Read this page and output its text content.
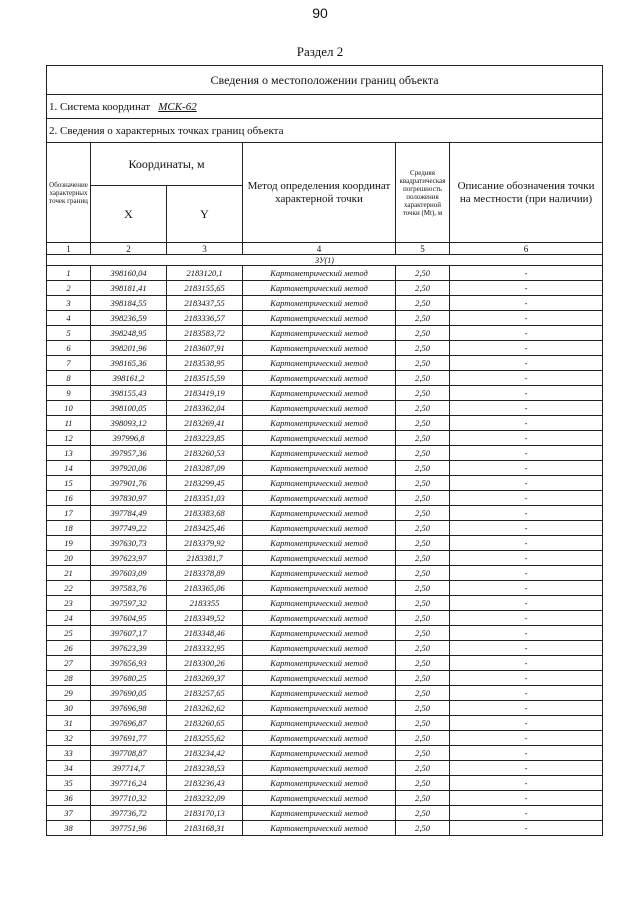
90
Раздел 2
Сведения о местоположении границ объекта					
1. Система координат МСК-62					
2. Сведения о характерных точках границ объекта					
Обозначение характерных точек границ	Координаты, м		Метод определения координат характерной точки	Средняя квадратическая погрешность положения характерной точки (Mt), м	Описание обозначения точки на местности (при наличии)
	X	Y			
1	2	3	4	5	6
3У(1)					
1	398160,04	2183120,1	Картометрический метод	2,50	-
2	398181,41	2183155,65	Картометрический метод	2,50	-
3	398184,55	2183437,55	Картометрический метод	2,50	-
4	398236,59	2183336,57	Картометрический метод	2,50	-
5	398248,95	2183583,72	Картометрический метод	2,50	-
6	398201,96	2183607,91	Картометрический метод	2,50	-
7	398165,36	2183538,95	Картометрический метод	2,50	-
8	398161,2	2183515,59	Картометрический метод	2,50	-
9	398155,43	2183419,19	Картометрический метод	2,50	-
10	398100,05	2183362,04	Картометрический метод	2,50	-
11	398093,12	2183269,41	Картометрический метод	2,50	-
12	397996,8	2183223,85	Картометрический метод	2,50	-
13	397957,36	2183260,53	Картометрический метод	2,50	-
14	397920,06	2183287,09	Картометрический метод	2,50	-
15	397901,76	2183299,45	Картометрический метод	2,50	-
16	397830,97	2183351,03	Картометрический метод	2,50	-
17	397784,49	2183383,68	Картометрический метод	2,50	-
18	397749,22	2183425,46	Картометрический метод	2,50	-
19	397630,73	2183379,92	Картометрический метод	2,50	-
20	397623,97	2183381,7	Картометрический метод	2,50	-
21	397603,09	2183378,89	Картометрический метод	2,50	-
22	397583,76	2183365,06	Картометрический метод	2,50	-
23	397597,32	2183355	Картометрический метод	2,50	-
24	397604,95	2183349,52	Картометрический метод	2,50	-
25	397607,17	2183348,46	Картометрический метод	2,50	-
26	397623,39	2183332,95	Картометрический метод	2,50	-
27	397656,93	2183300,26	Картометрический метод	2,50	-
28	397680,25	2183269,37	Картометрический метод	2,50	-
29	397690,05	2183257,65	Картометрический метод	2,50	-
30	397696,98	2183262,62	Картометрический метод	2,50	-
31	397696,87	2183260,65	Картометрический метод	2,50	-
32	397691,77	2183255,62	Картометрический метод	2,50	-
33	397708,87	2183234,42	Картометрический метод	2,50	-
34	397714,7	2183238,53	Картометрический метод	2,50	-
35	397716,24	2183236,43	Картометрический метод	2,50	-
36	397710,32	2183232,09	Картометрический метод	2,50	-
37	397736,72	2183170,13	Картометрический метод	2,50	-
38	397751,96	2183168,31	Картометрический метод	2,50	-
